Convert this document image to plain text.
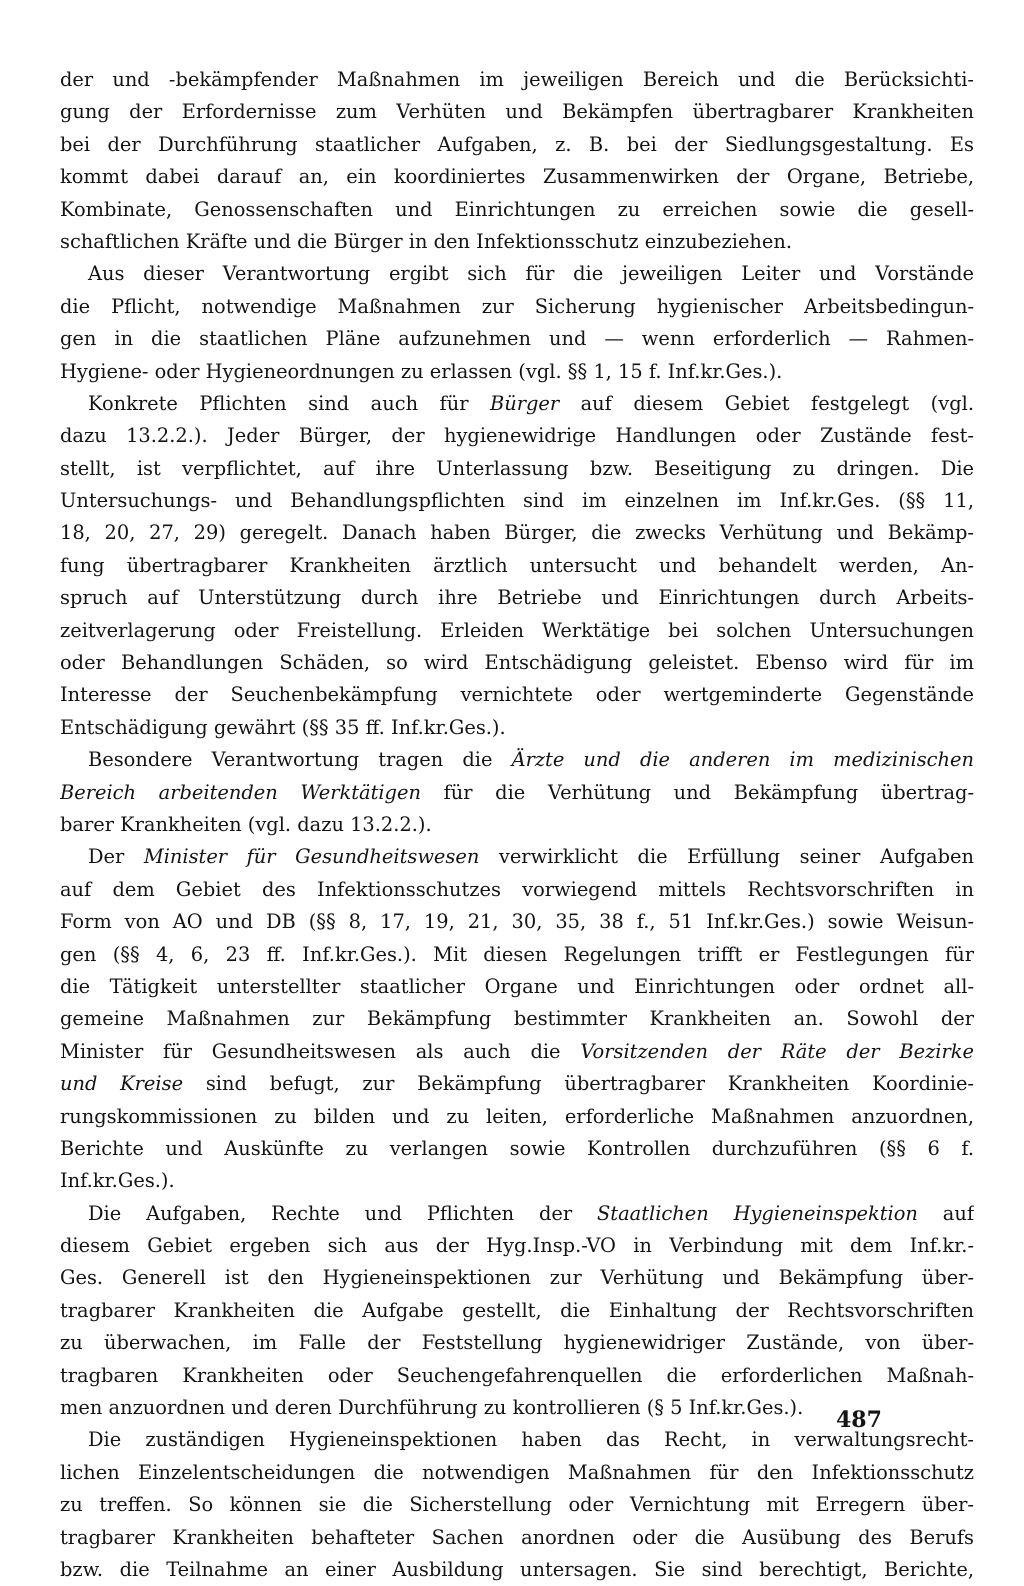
der und -bekämpfender Maßnahmen im jeweiligen Bereich und die Berücksichti-
gung der Erfordernisse zum Verhüten und Bekämpfen übertragbarer Krankheiten
bei der Durchführung staatlicher Aufgaben, z. B. bei der Siedlungsgestaltung. Es
kommt dabei darauf an, ein koordiniertes Zusammenwirken der Organe, Betriebe,
Kombinate, Genossenschaften und Einrichtungen zu erreichen sowie die gesell-
schaftlichen Kräfte und die Bürger in den Infektionsschutz einzubeziehen.
Aus dieser Verantwortung ergibt sich für die jeweiligen Leiter und Vorstände
die Pflicht, notwendige Maßnahmen zur Sicherung hygienischer Arbeitsbedingun-
gen in die staatlichen Pläne aufzunehmen und — wenn erforderlich — Rahmen-
Hygiene- oder Hygieneordnungen zu erlassen (vgl. §§ 1, 15 f. Inf.kr.Ges.).
Konkrete Pflichten sind auch für Bürger auf diesem Gebiet festgelegt (vgl.
dazu 13.2.2.). Jeder Bürger, der hygienewidrige Handlungen oder Zustände fest-
stellt, ist verpflichtet, auf ihre Unterlassung bzw. Beseitigung zu dringen. Die
Untersuchungs- und Behandlungspflichten sind im einzelnen im Inf.kr.Ges. (§§ 11,
18, 20, 27, 29) geregelt. Danach haben Bürger, die zwecks Verhütung und Bekämp-
fung übertragbarer Krankheiten ärztlich untersucht und behandelt werden, An-
spruch auf Unterstützung durch ihre Betriebe und Einrichtungen durch Arbeits-
zeitverlagerung oder Freistellung. Erleiden Werktätige bei solchen Untersuchungen
oder Behandlungen Schäden, so wird Entschädigung geleistet. Ebenso wird für im
Interesse der Seuchenbekämpfung vernichtete oder wertgeminderte Gegenstände
Entschädigung gewährt (§§ 35 ff. Inf.kr.Ges.).
Besondere Verantwortung tragen die Ärzte und die anderen im medizinischen
Bereich arbeitenden Werktätigen für die Verhütung und Bekämpfung übertrag-
barer Krankheiten (vgl. dazu 13.2.2.).
Der Minister für Gesundheitswesen verwirklicht die Erfüllung seiner Aufgaben
auf dem Gebiet des Infektionsschutzes vorwiegend mittels Rechtsvorschriften in
Form von AO und DB (§§ 8, 17, 19, 21, 30, 35, 38 f., 51 Inf.kr.Ges.) sowie Weisun-
gen (§§ 4, 6, 23 ff. Inf.kr.Ges.). Mit diesen Regelungen trifft er Festlegungen für
die Tätigkeit unterstellter staatlicher Organe und Einrichtungen oder ordnet all-
gemeine Maßnahmen zur Bekämpfung bestimmter Krankheiten an. Sowohl der
Minister für Gesundheitswesen als auch die Vorsitzenden der Räte der Bezirke
und Kreise sind befugt, zur Bekämpfung übertragbarer Krankheiten Koordinie-
rungskommissionen zu bilden und zu leiten, erforderliche Maßnahmen anzuordnen,
Berichte und Auskünfte zu verlangen sowie Kontrollen durchzuführen (§§ 6 f.
Inf.kr.Ges.).
Die Aufgaben, Rechte und Pflichten der Staatlichen Hygieneinspektion auf
diesem Gebiet ergeben sich aus der Hyg.Insp.-VO in Verbindung mit dem Inf.kr.-
Ges. Generell ist den Hygieneinspektionen zur Verhütung und Bekämpfung über-
tragbarer Krankheiten die Aufgabe gestellt, die Einhaltung der Rechtsvorschriften
zu überwachen, im Falle der Feststellung hygienewidriger Zustände, von über-
tragbaren Krankheiten oder Seuchengefahrenquellen die erforderlichen Maßnah-
men anzuordnen und deren Durchführung zu kontrollieren (§ 5 Inf.kr.Ges.).
Die zuständigen Hygieneinspektionen haben das Recht, in verwaltungsrecht-
lichen Einzelentscheidungen die notwendigen Maßnahmen für den Infektionsschutz
zu treffen. So können sie die Sicherstellung oder Vernichtung mit Erregern über-
tragbarer Krankheiten behafteter Sachen anordnen oder die Ausübung des Berufs
bzw. die Teilnahme an einer Ausbildung untersagen. Sie sind berechtigt, Berichte,
487
